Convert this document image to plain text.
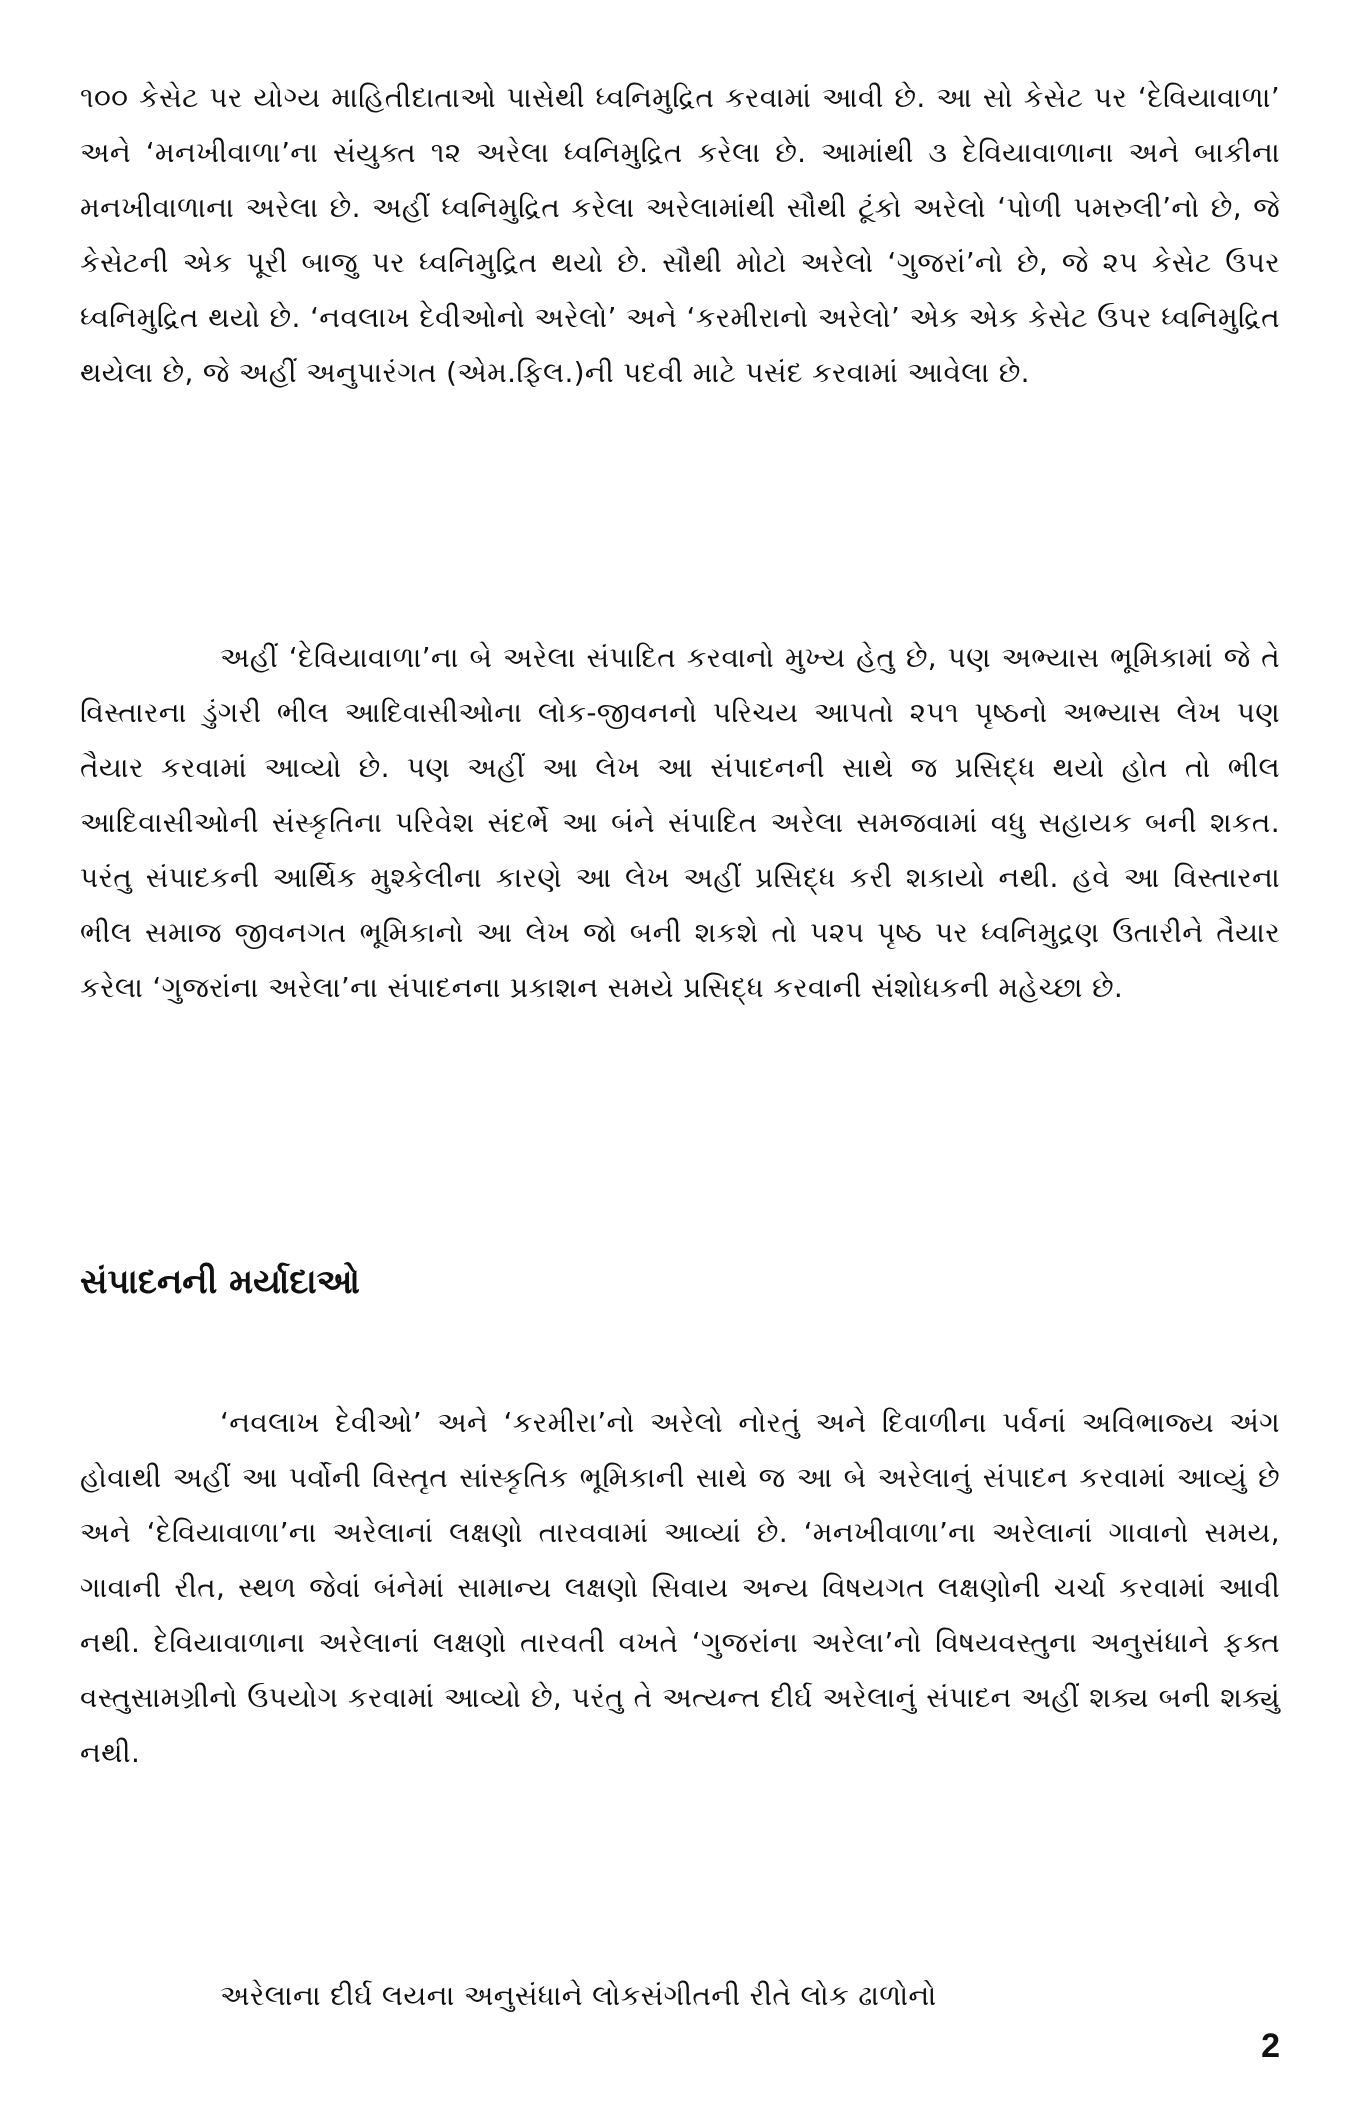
૧૦૦ કેસેટ પર યોગ્ય માહિતીદાતાઓ પાસેથી ધ્વનિમુદ્રિત કરવામાં આવી છે. આ સો કેસેટ પર ‘દેવિયાવાળા’ અને ‘મનખીવાળા’ના સંયુક્ત ૧૨ અરેલા ધ્વનિમુદ્રિત કરેલા છે. આમાંથી ૩ દેવિયાવાળાના અને બાકીના મનખીવાળાના અરેલા છે. અહીં ધ્વનિમુદ્રિત કરેલા અરેલામાંથી સૌથી ટૂંકો અરેલો ‘પોળી પમરુલી’નો છે, જે કેસેટની એક પૂરી બાજુ પર ધ્વનિમુદ્રિત થયો છે. સૌથી મોટો અરેલો ‘ગુજરાં’નો છે, જે ૨૫ કેસેટ ઉપર ધ્વનિમુદ્રિત થયો છે. ‘નવલાખ દેવીઓનો અરેલો’ અને ‘કરમીરાનો અરેલો’ એક એક કેસેટ ઉપર ધ્વનિમુદ્રિત થયેલા છે, જે અહીં અનુપારંગત (એમ.ફિલ.)ની પદવી માટે પસંદ કરવામાં આવેલા છે.

અહીં ‘દેવિયાવાળા’ના બે અરેલા સંપાદિત કરવાનો મુખ્ય હેતુ છે, પણ અભ્યાસ ભૂમિકામાં જે તે વિસ્તારના ડુંગરી ભીલ આદિવાસીઓના લોક-જીવનનો પરિચય આપતો ૨૫૧ પૃષ્ઠનો અભ્યાસ લેખ પણ તૈયાર કરવામાં આવ્યો છે. પણ અહીં આ લેખ આ સંપાદનની સાથે જ પ્રસિદ્ધ થયો હોત તો ભીલ આદિવાસીઓની સંસ્કૃતિના પરિવેશ સંદર્ભે આ બંને સંપાદિત અરેલા સમજવામાં વધુ સહાયક બની શકત. પરંતુ સંપાદકની આર્થિક મુશ્કેલીના કારણે આ લેખ અહીં પ્રસિદ્ધ કરી શકાયો નથી. હવે આ વિસ્તારના ભીલ સમાજ જીવનગત ભૂમિકાનો આ લેખ જો બની શકશે તો ૫૨૫ પૃષ્ઠ પર ધ્વનિમુદ્રણ ઉતારીને તૈયાર કરેલા ‘ગુજરાંના અરેલા’ના સંપાદનના પ્રકાશન સમયે પ્રસિદ્ધ કરવાની સંશોધકની મહેચ્છા છે.

સંપાદનની મર્યાદાઓ

‘નવલાખ દેવીઓ’ અને ‘કરમીરા’નો અરેલો નોરતું અને દિવાળીના પર્વનાં અવિભાજ્ય અંગ હોવાથી અહીં આ પર્વોની વિસ્તૃત સાંસ્કૃતિક ભૂમિકાની સાથે જ આ બે અરેલાનું સંપાદન કરવામાં આવ્યું છે અને ‘દેવિયાવાળા’ના અરેલાનાં લક્ષણો તારવવામાં આવ્યાં છે. ‘મનખીવાળા’ના અરેલાનાં ગાવાનો સમય, ગાવાની રીત, સ્થળ જેવાં બંનેમાં સામાન્ય લક્ષણો સિવાય અન્ય વિષયગત લક્ષણોની ચર્ચા કરવામાં આવી નથી. દેવિયાવાળાના અરેલાનાં લક્ષણો તારવતી વખતે ‘ગુજરાંના અરેલા’નો વિષયવસ્તુના અનુસંધાને ફક્ત વસ્તુસામગ્રીનો ઉપયોગ કરવામાં આવ્યો છે, પરંતુ તે અત્યન્ત દીર્ઘ અરેલાનું સંપાદન અહીં શક્ય બની શક્યું નથી.

અરેલાના દીર્ઘ લયના અનુસંધાને લોકસંગીતની રીતે લોક ઢાળોનો

2
